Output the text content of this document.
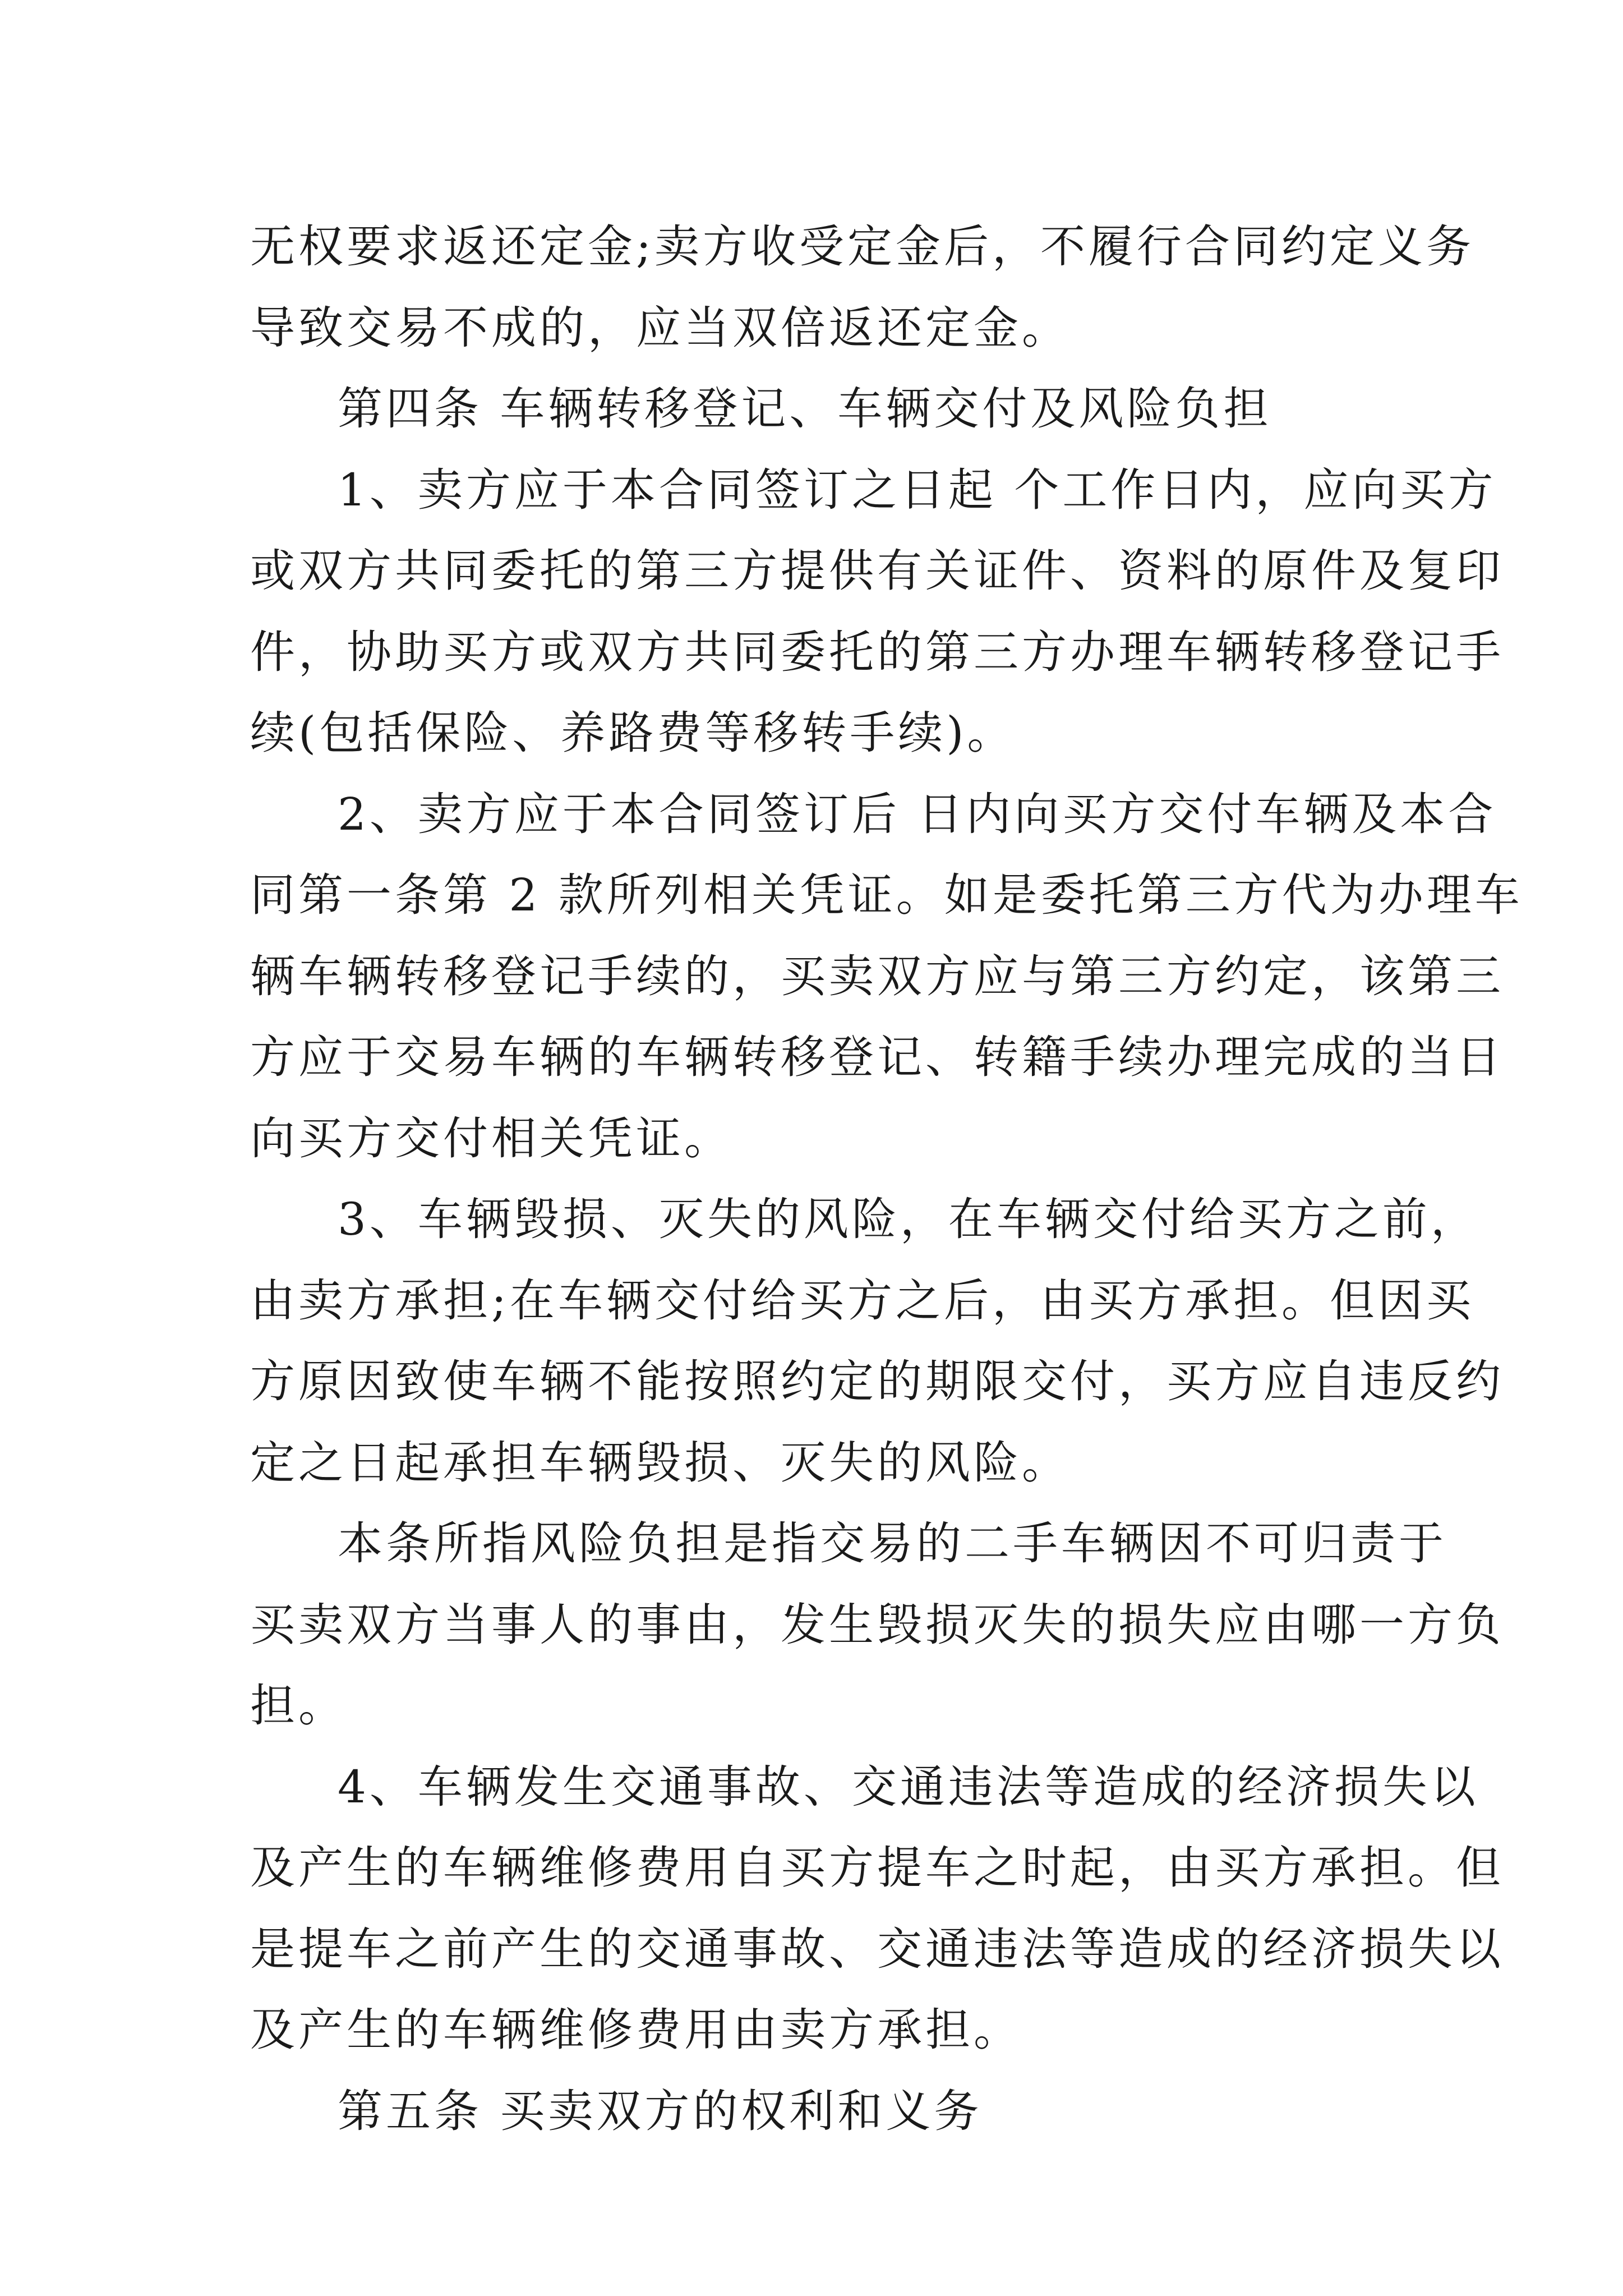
无权要求返还定金;卖方收受定金后，不履行合同约定义务
导致交易不成的，应当双倍返还定金。
第四条 车辆转移登记、车辆交付及风险负担
1、卖方应于本合同签订之日起 个工作日内，应向买方
或双方共同委托的第三方提供有关证件、资料的原件及复印
件，协助买方或双方共同委托的第三方办理车辆转移登记手
续(包括保险、养路费等移转手续)。
2、卖方应于本合同签订后 日内向买方交付车辆及本合
同第一条第 2 款所列相关凭证。如是委托第三方代为办理车
辆车辆转移登记手续的，买卖双方应与第三方约定，该第三
方应于交易车辆的车辆转移登记、转籍手续办理完成的当日
向买方交付相关凭证。
3、车辆毁损、灭失的风险，在车辆交付给买方之前，
由卖方承担;在车辆交付给买方之后，由买方承担。但因买
方原因致使车辆不能按照约定的期限交付，买方应自违反约
定之日起承担车辆毁损、灭失的风险。
本条所指风险负担是指交易的二手车辆因不可归责于
买卖双方当事人的事由，发生毁损灭失的损失应由哪一方负
担。
4、车辆发生交通事故、交通违法等造成的经济损失以
及产生的车辆维修费用自买方提车之时起，由买方承担。但
是提车之前产生的交通事故、交通违法等造成的经济损失以
及产生的车辆维修费用由卖方承担。
第五条 买卖双方的权利和义务
